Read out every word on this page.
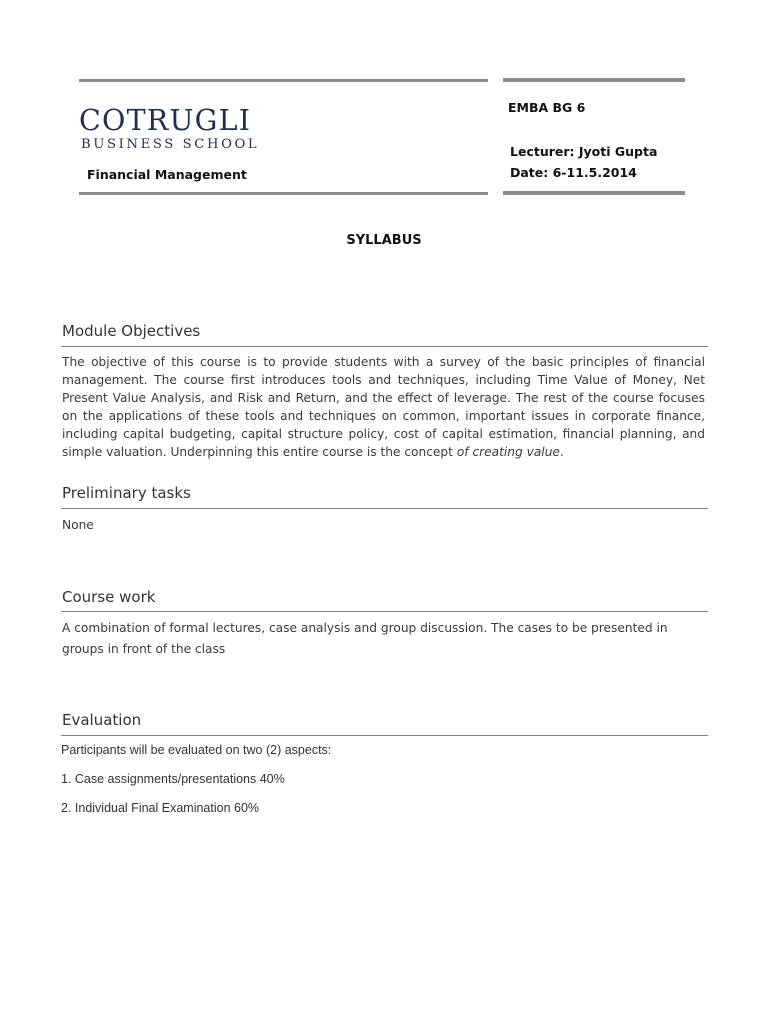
COTRUGLI
BUSINESS SCHOOL
Financial Management
EMBA BG 6
Lecturer: Jyoti Gupta
Date: 6-11.5.2014
SYLLABUS
Module Objectives
The objective of this course is to provide students with a survey of the basic principles of financial management. The course first introduces tools and techniques, including Time Value of Money, Net Present Value Analysis, and Risk and Return, and the effect of leverage. The rest of the course focuses on the applications of these tools and techniques on common, important issues in corporate finance, including capital budgeting, capital structure policy, cost of capital estimation, financial planning, and simple valuation. Underpinning this entire course is the concept of creating value.
Preliminary tasks
None
Course work
A combination of formal lectures, case analysis and group discussion. The cases to be presented in groups in front of the class
Evaluation
Participants will be evaluated on two (2) aspects:
1. Case assignments/presentations 40%
2. Individual Final Examination 60%
